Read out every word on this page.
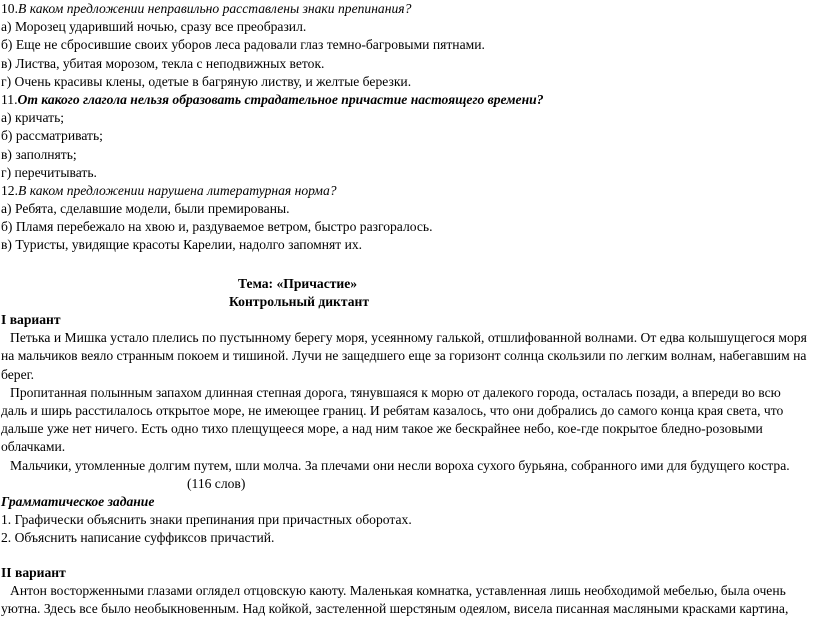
10.В каком предложении неправильно расставлены знаки препинания?
а) Морозец ударивший ночью, сразу все преобразил.
б) Еще не сбросившие своих уборов леса радовали глаз темно-багровыми пятнами.
в) Листва, убитая морозом, текла с неподвижных веток.
г) Очень красивы клены, одетые в багряную листву, и желтые березки.
11.От какого глагола нельзя образовать страдательное причастие настоящего времени?
а) кричать;
б) рассматривать;
в) заполнять;
г) перечитывать.
12.В каком предложении нарушена литературная норма?
а) Ребята, сделавшие модели, были премированы.
б) Пламя перебежало на хвою и, раздуваемое ветром, быстро разгоралось.
в) Туристы, увидящие красоты Карелии, надолго запомнят их.
Тема: «Причастие»
Контрольный диктант
I вариант
Петька и Мишка устало плелись по пустынному берегу моря, усеянному галькой, отшлифованной волнами. От едва колышущегося моря на мальчиков веяло странным покоем и тишиной. Лучи не защедшего еще за горизонт солнца скользили по легким волнам, набегавшим на берег.
Пропитанная полынным запахом длинная степная дорога, тянувшаяся к морю от далекого города, осталась позади, а впереди во всю даль и ширь расстилалось открытое море, не имеющее границ. И ребятам казалось, что они добрались до самого конца края света, что дальше уже нет ничего. Есть одно тихо плещущееся море, а над ним такое же бескрайнее небо, кое-где покрытое бледно-розовыми облачками.
Мальчики, утомленные долгим путем, шли молча. За плечами они несли вороха сухого бурьяна, собранного ими для будущего костра.
(116 слов)
Грамматическое задание
1. Графически объяснить знаки препинания при причастных оборотах.
2. Объяснить написание суффиксов причастий.
II вариант
Антон восторженными глазами оглядел отцовскую каюту. Маленькая комнатка, уставленная лишь необходимой мебелью, была очень уютна. Здесь все было необыкновенным. Над койкой, застеленной шерстяным одеялом, висела писанная масляными красками картина,
